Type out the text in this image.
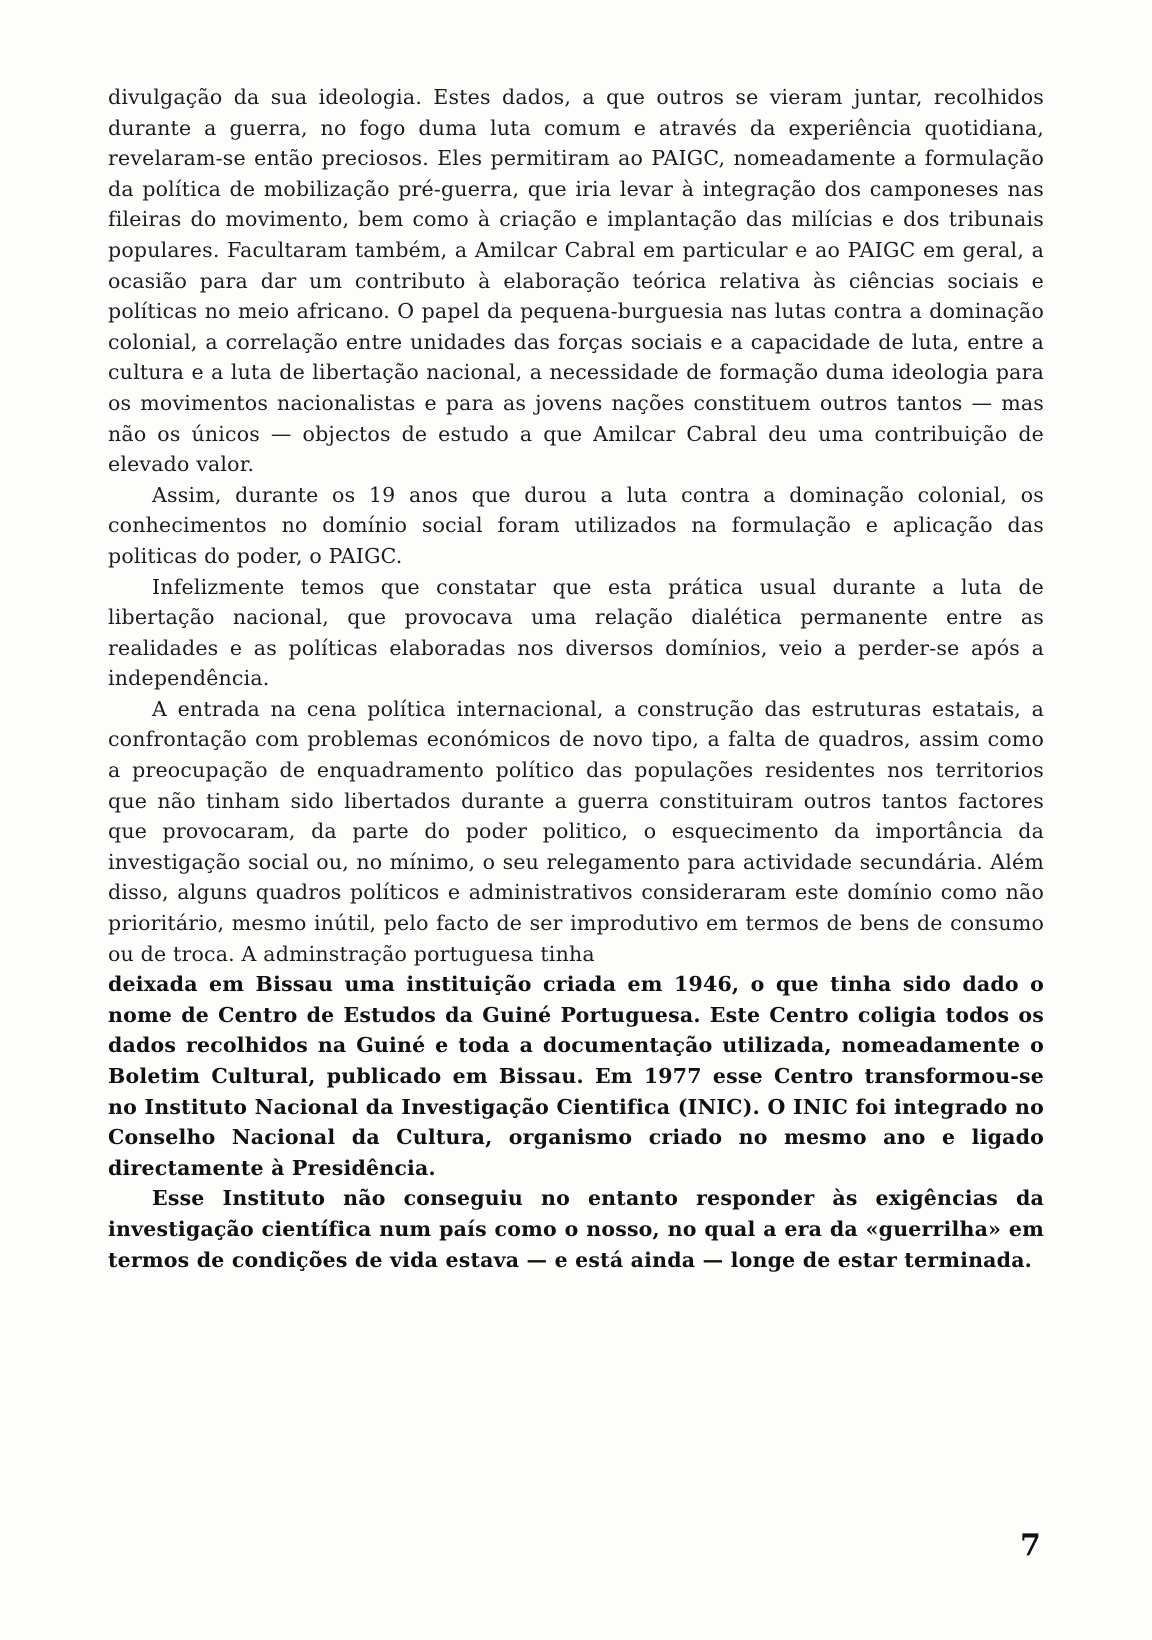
divulgação da sua ideologia. Estes dados, a que outros se vieram juntar, recolhidos durante a guerra, no fogo duma luta comum e através da experiência quotidiana, revelaram-se então preciosos. Eles permitiram ao PAIGC, nomeadamente a formulação da política de mobilização pré-guerra, que iria levar à integração dos camponeses nas fileiras do movimento, bem como à criação e implantação das milícias e dos tribunais populares. Facultaram também, a Amilcar Cabral em particular e ao PAIGC em geral, a ocasião para dar um contributo à elaboração teórica relativa às ciências sociais e políticas no meio africano. O papel da pequena-burguesia nas lutas contra a dominação colonial, a correlação entre unidades das forças sociais e a capacidade de luta, entre a cultura e a luta de libertação nacional, a necessidade de formação duma ideologia para os movimentos nacionalistas e para as jovens nações constituem outros tantos — mas não os únicos — objectos de estudo a que Amilcar Cabral deu uma contribuição de elevado valor.

Assim, durante os 19 anos que durou a luta contra a dominação colonial, os conhecimentos no domínio social foram utilizados na formulação e aplicação das politicas do poder, o PAIGC.

Infelizmente temos que constatar que esta prática usual durante a luta de libertação nacional, que provocava uma relação dialética permanente entre as realidades e as políticas elaboradas nos diversos domínios, veio a perder-se após a independência.

A entrada na cena política internacional, a construção das estruturas estatais, a confrontação com problemas económicos de novo tipo, a falta de quadros, assim como a preocupação de enquadramento político das populações residentes nos territorios que não tinham sido libertados durante a guerra constituiram outros tantos factores que provocaram, da parte do poder politico, o esquecimento da importância da investigação social ou, no mínimo, o seu relegamento para actividade secundária. Além disso, alguns quadros políticos e administrativos consideraram este domínio como não prioritário, mesmo inútil, pelo facto de ser improdutivo em termos de bens de consumo ou de troca. A adminstração portuguesa tinha

deixada em Bissau uma instituição criada em 1946, o que tinha sido dado o nome de Centro de Estudos da Guiné Portuguesa. Este Centro coligia todos os dados recolhidos na Guiné e toda a documentação utilizada, nomeadamente o Boletim Cultural, publicado em Bissau. Em 1977 esse Centro transformou-se no Instituto Nacional da Investigação Cientifica (INIC). O INIC foi integrado no Conselho Nacional da Cultura, organismo criado no mesmo ano e ligado directamente à Presidência.

Esse Instituto não conseguiu no entanto responder às exigências da investigação científica num país como o nosso, no qual a era da «guerrilha» em termos de condições de vida estava — e está ainda — longe de estar terminada.

7
